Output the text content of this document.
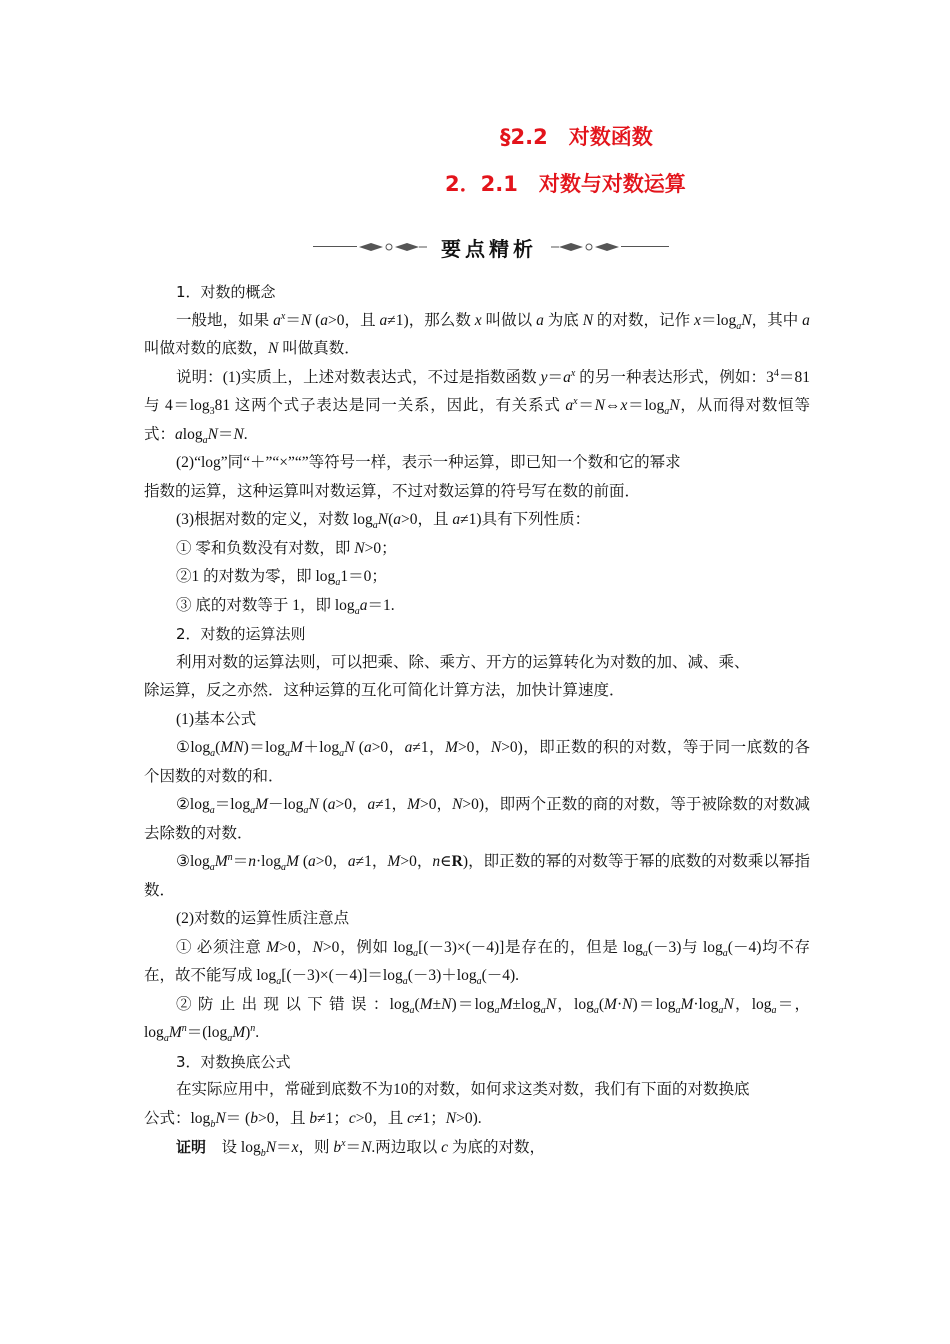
§2.2　对数函数
2．2.1　对数与对数运算
要点精析

1．对数的概念

一般地，如果 $a^x=N$ (a>0，且 a≠1)，那么数 x 叫做以 a 为底 N 的对数，记作 $x=\log_aN$，其中 a 叫做对数的底数，N 叫做真数．

说明：(1)实质上，上述对数表达式，不过是指数函数 $y=a^x$ 的另一种表达形式，例如：$3^4=81$ 与 $4=\log_381$ 这两个式子表达是同一关系，因此，有关系式 $a^x=N\Leftrightarrow x=\log_aN$，从而得对数恒等式：alog$_a$N＝N.

(2)“log”同“＋”“×”“”等符号一样，表示一种运算，即已知一个数和它的幂求

指数的运算，这种运算叫对数运算，不过对数运算的符号写在数的前面．

(3)根据对数的定义，对数 $\log_aN(a>0$，且 a≠1)具有下列性质：

① 零和负数没有对数，即 N>0；

②1 的对数为零，即 $\log_a1=0$；

③ 底的对数等于 1，即 $\log_aa=1$.

2．对数的运算法则

利用对数的运算法则，可以把乘、除、乘方、开方的运算转化为对数的加、减、乘、

除运算，反之亦然．这种运算的互化可简化计算方法，加快计算速度．

(1)基本公式

$①\log_a(MN)=\log_aM+\log_aN$ (a>0，a≠1，M>0，N>0)，即正数的积的对数，等于同一底数的各个因数的对数的和．

$②\log_a=\log_aM-\log_aN$ (a>0，a≠1，M>0，N>0)，即两个正数的商的对数，等于被除数的对数减去除数的对数．

$③\log_aM^n=n\cdot\log_aM$ (a>0，a≠1，M>0，n∈R)，即正数的幂的对数等于幂的底数的对数乘以幂指数．

(2)对数的运算性质注意点

① 必须注意 M>0，N>0，例如 $\log_a[(-3)\times(-4)]$是存在的，但是 $\log_a(-3)$与 $\log_a(-4)$均不存在，故不能写成 $\log_a[(-3)\times(-4)]=\log_a(-3)+\log_a(-4)$.

② 防 止 出 现 以 下 错 误 ：$\log_a(M\pm N)=\log_aM\pm\log_aN$，$\log_a(M\cdot N)=\log_aM\cdot\log_aN$，$\log_a=$，$\log_aM^n=(\log_aM)^n$.

3．对数换底公式

在实际应用中，常碰到底数不为10的对数，如何求这类对数，我们有下面的对数换底

公式：$\log_bN= (b>0$，且 b≠1；c>0，且 c≠1；N>0).

证明　设 $\log_bN=x$，则 $b^x=N$.两边取以 c 为底的对数，
